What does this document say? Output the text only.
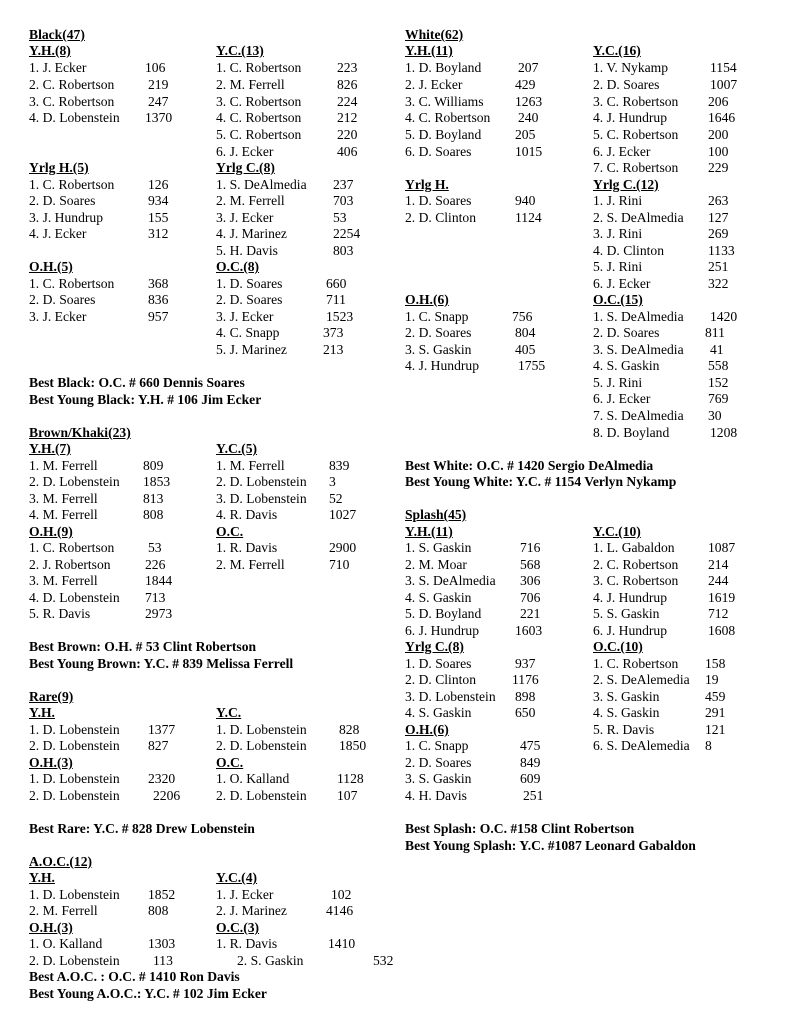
Black(47)
Y.H.(8)
1. J. Ecker	106
2. C. Robertson 219
3. C. Robertson 247
4. D. Lobenstein 1370
Y.C.(13)
1. C. Robertson	223
2. M. Ferrell	826
3. C. Robertson	224
4. C. Robertson	212
5. C. Robertson	220
6. J. Ecker	406
Yrlg H.(5)
1. C. Robertson 126
2. D. Soares	934
3. J. Hundrup	155
4. J. Ecker	312
Yrlg C.(8)
1. S. DeAlmedia 237
2. M. Ferrell	703
3. J. Ecker	53
4. J. Marinez	2254
5. H. Davis	803
O.H.(5)
1. C. Robertson 368
2. D. Soares	836
3. J. Ecker	957
O.C.(8)
1. D. Soares	660
2. D. Soares	711
3. J. Ecker	1523
4. C. Snapp	373
5. J. Marinez	213
Best Black: O.C. # 660 Dennis Soares
Best Young Black: Y.H. # 106 Jim Ecker
Brown/Khaki(23)
Y.H.(7)
1. M. Ferrell	809
2. D. Lobenstein 1853
3. M. Ferrell	813
4. M. Ferrell	808
Y.C.(5)
1. M. Ferrell	839
2. D. Lobenstein 3
3. D. Lobenstein 52
4. R. Davis	1027
O.H.(9)
1. C. Robertson 53
2. J. Robertson	226
3. M. Ferrell	1844
4. D. Lobenstein 713
5. R. Davis	2973
O.C.
1. R. Davis	2900
2. M. Ferrell	710
Best Brown: O.H. # 53 Clint Robertson
Best Young Brown: Y.C. # 839 Melissa Ferrell
Rare(9)
Y.H.
1. D. Lobenstein 1377
2. D. Lobenstein 827
Y.C.
1. D. Lobenstein 828
2. D. Lobenstein 1850
O.H.(3)
1. D. Lobenstein 2320
2. D. Lobenstein 2206
O.C.
1. O. Kalland	1128
2. D. Lobenstein 107
Best Rare: Y.C. # 828 Drew Lobenstein
A.O.C.(12)
Y.H.
1. D. Lobenstein 1852
2. M. Ferrell	808
Y.C.(4)
1. J. Ecker	102
2. J. Marinez	4146
O.H.(3)
1. O. Kalland	1303
2. D. Lobenstein 113
O.C.(3)
1. R. Davis	1410
2. S. Gaskin	532
Best A.O.C. : O.C. # 1410 Ron Davis
Best Young A.O.C.: Y.C. # 102 Jim Ecker
White(62)
Y.H.(11)
1. D. Boyland	207
2. J. Ecker	429
3. C. Williams 1263
4. C. Robertson 240
5. D. Boyland 205
6. D. Soares	1015
Y.C.(16)
1. V. Nykamp	1154
2. D. Soares	1007
3. C. Robertson 206
4. J. Hundrup	1646
5. C. Robertson 200
6. J. Ecker	100
7. C. Robertson 229
Yrlg H.
1. D. Soares	940
2. D. Clinton	1124
Yrlg C.(12)
1. J. Rini	263
2. S. DeAlmedia 127
3. J. Rini	269
4. D. Clinton	1133
5. J. Rini	251
6. J. Ecker	322
O.H.(6)
1. C. Snapp	756
2. D. Soares	804
3. S. Gaskin	405
4. J. Hundrup	1755
O.C.(15)
1. S. DeAlmedia 1420
2. D. Soares	811
3. S. DeAlmedia 41
4. S. Gaskin	558
5. J. Rini	152
6. J. Ecker	769
7. S. DeAlmedia 30
8. D. Boyland	1208
Best White: O.C. # 1420 Sergio DeAlmedia
Best Young White: Y.C. # 1154 Verlyn Nykamp
Splash(45)
Y.H.(11)
1. S. Gaskin	716
2. M. Moar	568
3. S. DeAlmedia 306
4. S. Gaskin	706
5. D. Boyland	221
6. J. Hundrup	1603
Y.C.(10)
1. L. Gabaldon 1087
2. C. Robertson 214
3. C. Robertson 244
4. J. Hundrup	1619
5. S. Gaskin	712
6. J. Hundrup	1608
Yrlg C.(8)
1. D. Soares	937
2. D. Clinton	1176
3. D. Lobenstein 898
4. S. Gaskin	650
O.C.(10)
1. C. Robertson 158
2. S. DeAlemedia 19
3. S. Gaskin	459
4. S. Gaskin	291
5. R. Davis	121
6. S. DeAlemedia 8
O.H.(6)
1. C. Snapp	475
2. D. Soares	849
3. S. Gaskin	609
4. H. Davis	251
Best Splash: O.C. #158 Clint Robertson
Best Young Splash: Y.C. #1087 Leonard Gabaldon
